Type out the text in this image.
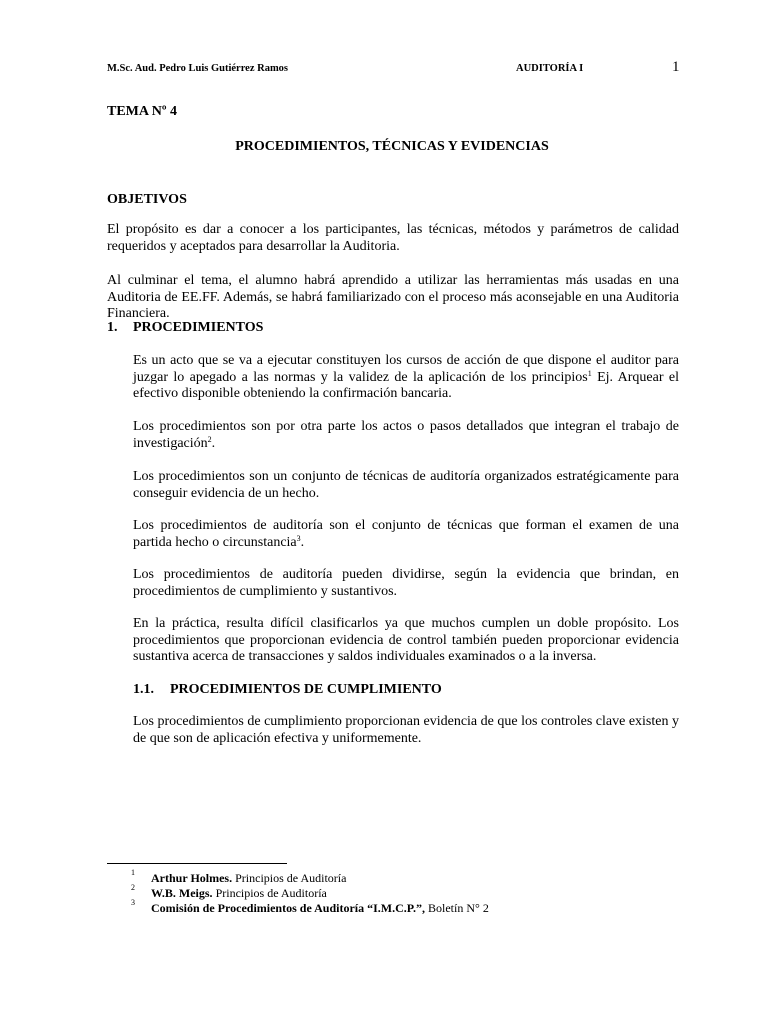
M.Sc. Aud. Pedro Luis Gutiérrez Ramos	AUDITORÍA I	1
TEMA Nº 4
PROCEDIMIENTOS, TÉCNICAS Y EVIDENCIAS
OBJETIVOS
El propósito es dar a conocer a los participantes, las técnicas, métodos y parámetros de calidad requeridos y aceptados para desarrollar la Auditoria.
Al culminar el tema, el alumno habrá aprendido a utilizar las herramientas más usadas en una Auditoria de EE.FF. Además, se habrá familiarizado con el proceso más aconsejable en una Auditoria Financiera.
1. PROCEDIMIENTOS
Es un acto que se va a ejecutar constituyen los cursos de acción de que dispone el auditor para juzgar lo apegado a las normas y la validez de la aplicación de los principios$^1$ Ej. Arquear el efectivo disponible obteniendo la confirmación bancaria.
Los procedimientos son por otra parte los actos o pasos detallados que integran el trabajo de investigación$^2$.
Los procedimientos son un conjunto de técnicas de auditoría organizados estratégicamente para conseguir evidencia de un hecho.
Los procedimientos de auditoría son el conjunto de técnicas que forman el examen de una partida hecho o circunstancia$^3$.
Los procedimientos de auditoría pueden dividirse, según la evidencia que brindan, en procedimientos de cumplimiento y sustantivos.
En la práctica, resulta difícil clasificarlos ya que muchos cumplen un doble propósito. Los procedimientos que proporcionan evidencia de control también pueden proporcionar evidencia sustantiva acerca de transacciones y saldos individuales examinados o a la inversa.
1.1. PROCEDIMIENTOS DE CUMPLIMIENTO
Los procedimientos de cumplimiento proporcionan evidencia de que los controles clave existen y de que son de aplicación efectiva y uniformemente.
1 Arthur Holmes. Principios de Auditoría
2 W.B. Meigs. Principios de Auditoría
3 Comisión de Procedimientos de Auditoría “I.M.C.P.”, Boletín N° 2
